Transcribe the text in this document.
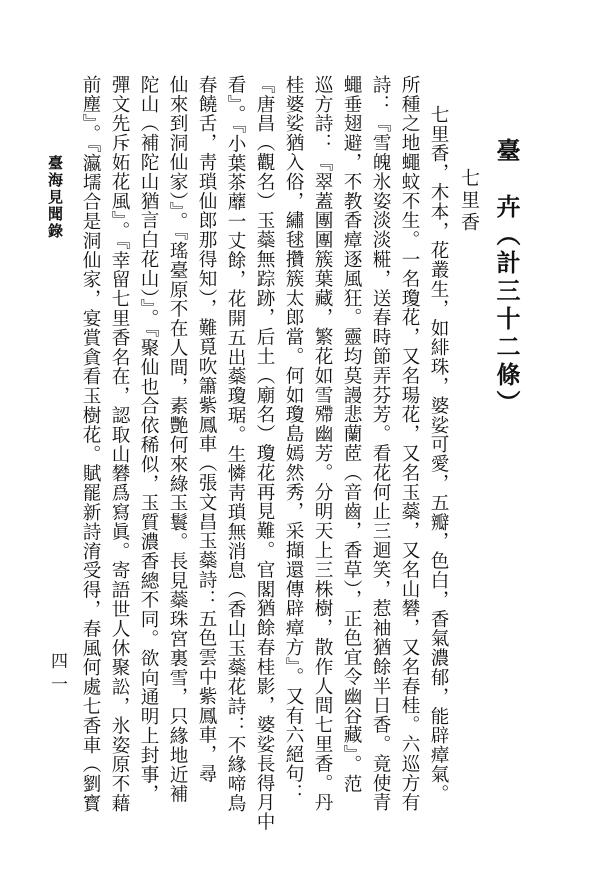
臺　卉（計三十二條）
七里香
七里香，木本，花叢生，如緋珠，婆娑可愛，五瓣，色白，香氣濃郁，能辟瘴氣。
所種之地蠅蚊不生。一名瓊花，又名瑒花，又名玉蘂，又名山礬，又名春桂。六巡方有
詩：『雪魄氷姿淡淡糚，送春時節弄芬芳。看花何止三迴笑，惹袖猶餘半日香。竟使青
蠅垂翅避，不教香瘴逐風狂。靈均莫謾悲蘭茝（音齒，香草），正色宜令幽谷藏』。范
巡方詩：『翠蓋團團簇葉藏，繁花如雪殢幽芳。分明天上三株樹，散作人間七里香。丹
桂婆娑猶入俗，繡毬攢簇太郎當。何如瓊島嫣然秀，采擷還傳辟瘴方』。又有六絕句：
『唐昌（觀名）玉蘂無踪跡，后土（廟名）瓊花再見難。官閣猶餘春桂影，婆娑長得月中
看』。『小葉茶蘼一丈餘，花開五出蘂瓊琚。生憐靑瑣無消息（香山玉蘂花詩：不緣啼鳥
春饒舌，靑瑣仙郎那得知），難覓吹簫紫鳳車（張文昌玉蘂詩：五色雲中紫鳳車，尋
仙來到洞仙家）』。『瑤臺原不在人間，素艷何來綠玉鬟。長見蘂珠宮裏雪，只緣地近補
陀山（補陀山猶言白花山）』。『聚仙也合依稀似，玉質濃香總不同。欲向通明上封事，
彈文先斥妬花風』。『幸留七里香名在，認取山礬爲寫眞。寄語世人休聚訟，氷姿原不藉
前塵』。『瀛壖合是洞仙家，宴賞貪看玉樹花。賦罷新詩淯受得，春風何處七香車（劉寳
臺海見聞錄
四一
